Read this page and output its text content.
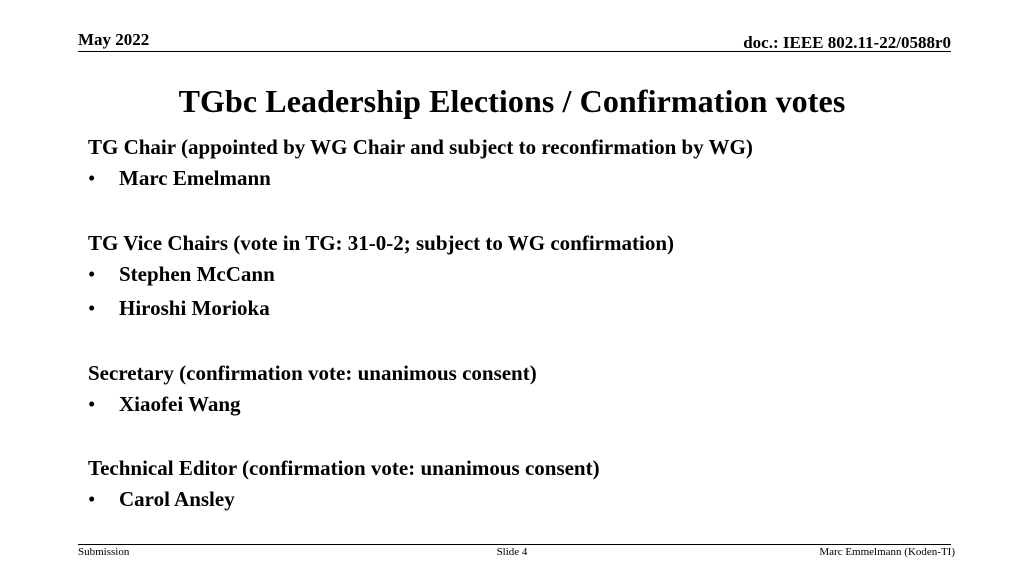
May 2022	doc.: IEEE 802.11-22/0588r0
TGbc Leadership Elections / Confirmation votes

TG Chair (appointed by WG Chair and subject to reconfirmation by WG)

• Marc Emelmann

TG Vice Chairs (vote in TG: 31-0-2; subject to WG confirmation)

• Stephen McCann
• Hiroshi Morioka

Secretary (confirmation vote: unanimous consent)

• Xiaofei Wang

Technical Editor (confirmation vote: unanimous consent)

• Carol Ansley
Submission	Slide 4	Marc Emmelmann (Koden-TI)
